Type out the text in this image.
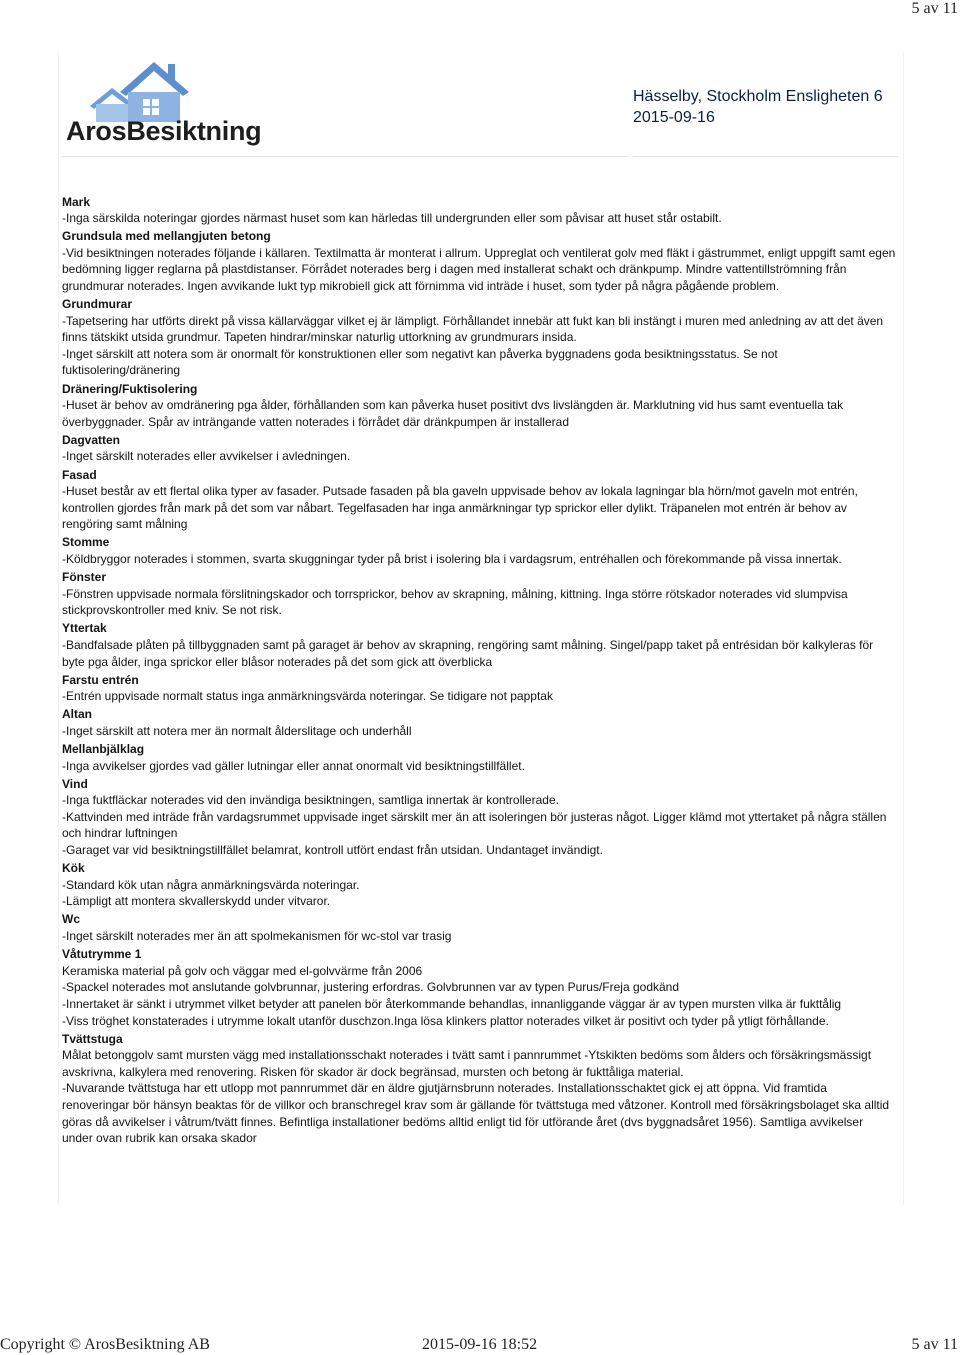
5 av 11
ArosBesiktning
Hässelby, Stockholm Ensligheten 6
2015-09-16
Mark
-Inga särskilda noteringar gjordes närmast huset som kan härledas till undergrunden eller som påvisar att huset står ostabilt.
Grundsula med mellangjuten betong
-Vid besiktningen noterades följande i källaren. Textilmatta är monterat i allrum. Uppreglat och ventilerat golv med fläkt i gästrummet, enligt uppgift samt egen bedömning ligger reglarna på plastdistanser. Förrådet noterades berg i dagen med installerat schakt och dränkpump. Mindre vattentillströmning från grundmurar noterades. Ingen avvikande lukt typ mikrobiell gick att förnimma vid inträde i huset, som tyder på några pågående problem.
Grundmurar
-Tapetsering har utförts direkt på vissa källarväggar vilket ej är lämpligt. Förhållandet innebär att fukt kan bli instängt i muren med anledning av att det även finns tätskikt utsida grundmur. Tapeten hindrar/minskar naturlig uttorkning av grundmurars insida.
-Inget särskilt att notera som är onormalt för konstruktionen eller som negativt kan påverka byggnadens goda besiktningsstatus. Se not fuktisolering/dränering
Dränering/Fuktisolering
-Huset är behov av omdränering pga ålder, förhållanden som kan påverka huset positivt dvs livslängden är. Marklutning vid hus samt eventuella tak överbyggnader. Spår av inträngande vatten noterades i förrådet där dränkpumpen är installerad
Dagvatten
-Inget särskilt noterades eller avvikelser i avledningen.
Fasad
-Huset består av ett flertal olika typer av fasader. Putsade fasaden på bla gaveln uppvisade behov av lokala lagningar bla hörn/mot gaveln mot entrén, kontrollen gjordes från mark på det som var nåbart. Tegelfasaden har inga anmärkningar typ sprickor eller dylikt. Träpanelen mot entrén är behov av rengöring samt målning
Stomme
-Köldbryggor noterades i stommen, svarta skuggningar tyder på brist i isolering bla i vardagsrum, entréhallen och förekommande på vissa innertak.
Fönster
-Fönstren uppvisade normala förslitningskador och torrsprickor, behov av skrapning, målning, kittning. Inga större rötskador noterades vid slumpvisa stickprovskontroller med kniv. Se not risk.
Yttertak
-Bandfalsade plåten på tillbyggnaden samt på garaget är behov av skrapning, rengöring samt målning. Singel/papp taket på entrésidan bör kalkyleras för byte pga ålder, inga sprickor eller blåsor noterades på det som gick att överblicka
Farstu entrén
-Entrén uppvisade normalt status inga anmärkningsvärda noteringar. Se tidigare not papptak
Altan
-Inget särskilt att notera mer än normalt ålderslitage och underhåll
Mellanbjälklag
-Inga avvikelser gjordes vad gäller lutningar eller annat onormalt vid besiktningstillfället.
Vind
-Inga fuktfläckar noterades vid den invändiga besiktningen, samtliga innertak är kontrollerade.
-Kattvinden med inträde från vardagsrummet uppvisade inget särskilt mer än att isoleringen bör justeras något. Ligger klämd mot yttertaket på några ställen och hindrar luftningen
-Garaget var vid besiktningstillfället belamrat, kontroll utfört endast från utsidan. Undantaget invändigt.
Kök
-Standard kök utan några anmärkningsvärda noteringar.
-Lämpligt att montera skvallerskydd under vitvaror.
Wc
-Inget särskilt noterades mer än att spolmekanismen för wc-stol var trasig
Våtutrymme 1
Keramiska material på golv och väggar med el-golvvärme från 2006
-Spackel noterades mot anslutande golvbrunnar, justering erfordras. Golvbrunnen var av typen Purus/Freja godkänd
-Innertaket är sänkt i utrymmet vilket betyder att panelen bör återkommande behandlas, innanliggande väggar är av typen mursten vilka är fukttålig
-Viss tröghet konstaterades i utrymme lokalt utanför duschzon.Inga lösa klinkers plattor noterades vilket är positivt och tyder på ytligt förhållande.
Tvättstuga
Målat betonggolv samt mursten vägg med installationsschakt noterades i tvätt samt i pannrummet -Ytskikten bedöms som ålders och försäkringsmässigt avskrivna, kalkylera med renovering. Risken för skador är dock begränsad, mursten och betong är fukttåliga material.
-Nuvarande tvättstuga har ett utlopp mot pannrummet där en äldre gjutjärnsbrunn noterades. Installationsschaktet gick ej att öppna. Vid framtida renoveringar bör hänsyn beaktas för de villkor och branschregel krav som är gällande för tvättstuga med våtzoner. Kontroll med försäkringsbolaget ska alltid göras då avvikelser i våtrum/tvätt finnes. Befintliga installationer bedöms alltid enligt tid för utförande året (dvs byggnadsåret 1956). Samtliga avvikelser under ovan rubrik kan orsaka skador
Copyright © ArosBesiktning AB	2015-09-16 18:52	5 av 11
